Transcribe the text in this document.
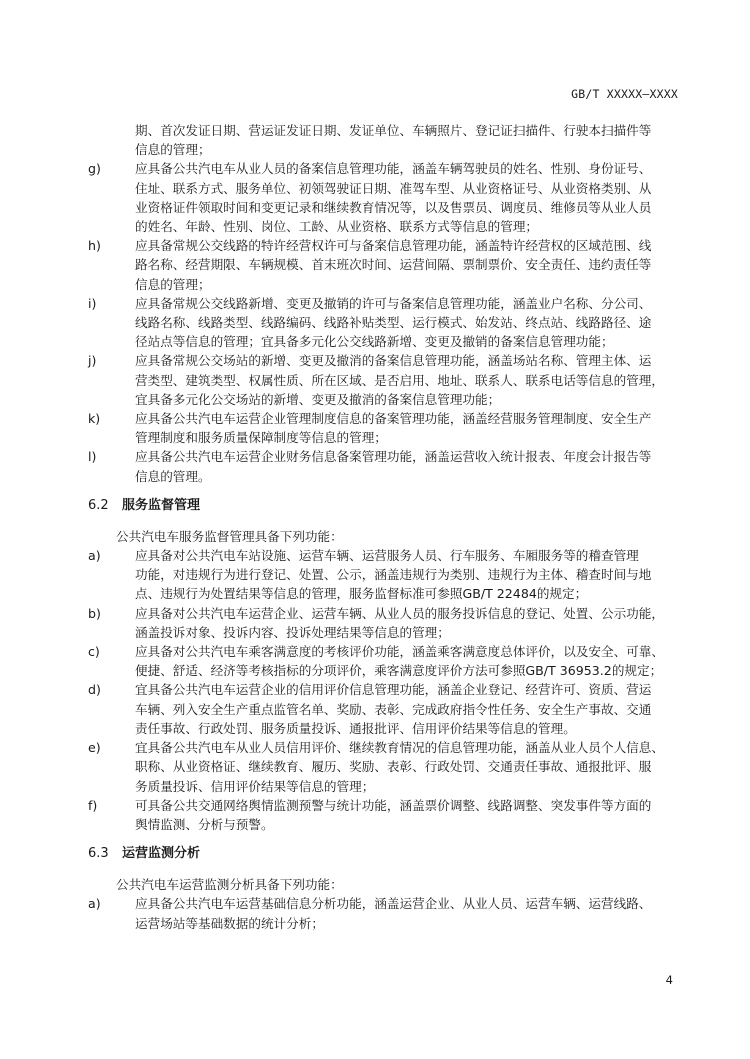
GB/T XXXXX—XXXX
期、首次发证日期、营运证发证日期、发证单位、车辆照片、登记证扫描件、行驶本扫描件等
信息的管理；
g)	应具备公共汽电车从业人员的备案信息管理功能，涵盖车辆驾驶员的姓名、性别、身份证号、
住址、联系方式、服务单位、初领驾驶证日期、准驾车型、从业资格证号、从业资格类别、从
业资格证件领取时间和变更记录和继续教育情况等，以及售票员、调度员、维修员等从业人员
的姓名、年龄、性别、岗位、工龄、从业资格、联系方式等信息的管理；
h)	应具备常规公交线路的特许经营权许可与备案信息管理功能，涵盖特许经营权的区域范围、线
路名称、经营期限、车辆规模、首末班次时间、运营间隔、票制票价、安全责任、违约责任等
信息的管理；
i)	应具备常规公交线路新增、变更及撤销的许可与备案信息管理功能，涵盖业户名称、分公司、
线路名称、线路类型、线路编码、线路补贴类型、运行模式、始发站、终点站、线路路径、途
径站点等信息的管理；宜具备多元化公交线路新增、变更及撤销的备案信息管理功能；
j)	应具备常规公交场站的新增、变更及撤消的备案信息管理功能，涵盖场站名称、管理主体、运
营类型、建筑类型、权属性质、所在区域、是否启用、地址、联系人、联系电话等信息的管理，
宜具备多元化公交场站的新增、变更及撤消的备案信息管理功能；
k)	应具备公共汽电车运营企业管理制度信息的备案管理功能，涵盖经营服务管理制度、安全生产
管理制度和服务质量保障制度等信息的管理；
l)	应具备公共汽电车运营企业财务信息备案管理功能，涵盖运营收入统计报表、年度会计报告等
信息的管理。
6.2 服务监督管理
公共汽电车服务监督管理具备下列功能：
a)	应具备对公共汽电车站设施、运营车辆、运营服务人员、行车服务、车厢服务等的稽查管理
功能，对违规行为进行登记、处置、公示，涵盖违规行为类别、违规行为主体、稽查时间与地
点、违规行为处置结果等信息的管理，服务监督标准可参照GB/T 22484的规定；
b)	应具备对公共汽电车运营企业、运营车辆、从业人员的服务投诉信息的登记、处置、公示功能，
涵盖投诉对象、投诉内容、投诉处理结果等信息的管理；
c)	应具备对公共汽电车乘客满意度的考核评价功能，涵盖乘客满意度总体评价，以及安全、可靠、
便捷、舒适、经济等考核指标的分项评价，乘客满意度评价方法可参照GB/T 36953.2的规定；
d)	宜具备公共汽电车运营企业的信用评价信息管理功能，涵盖企业登记、经营许可、资质、营运
车辆、列入安全生产重点监管名单、奖励、表彰、完成政府指令性任务、安全生产事故、交通
责任事故、行政处罚、服务质量投诉、通报批评、信用评价结果等信息的管理。
e)	宜具备公共汽电车从业人员信用评价、继续教育情况的信息管理功能，涵盖从业人员个人信息、
职称、从业资格证、继续教育、履历、奖励、表彰、行政处罚、交通责任事故、通报批评、服
务质量投诉、信用评价结果等信息的管理；
f)	可具备公共交通网络舆情监测预警与统计功能，涵盖票价调整、线路调整、突发事件等方面的
舆情监测、分析与预警。
6.3 运营监测分析
公共汽电车运营监测分析具备下列功能：
a)	应具备公共汽电车运营基础信息分析功能，涵盖运营企业、从业人员、运营车辆、运营线路、
运营场站等基础数据的统计分析；
4
